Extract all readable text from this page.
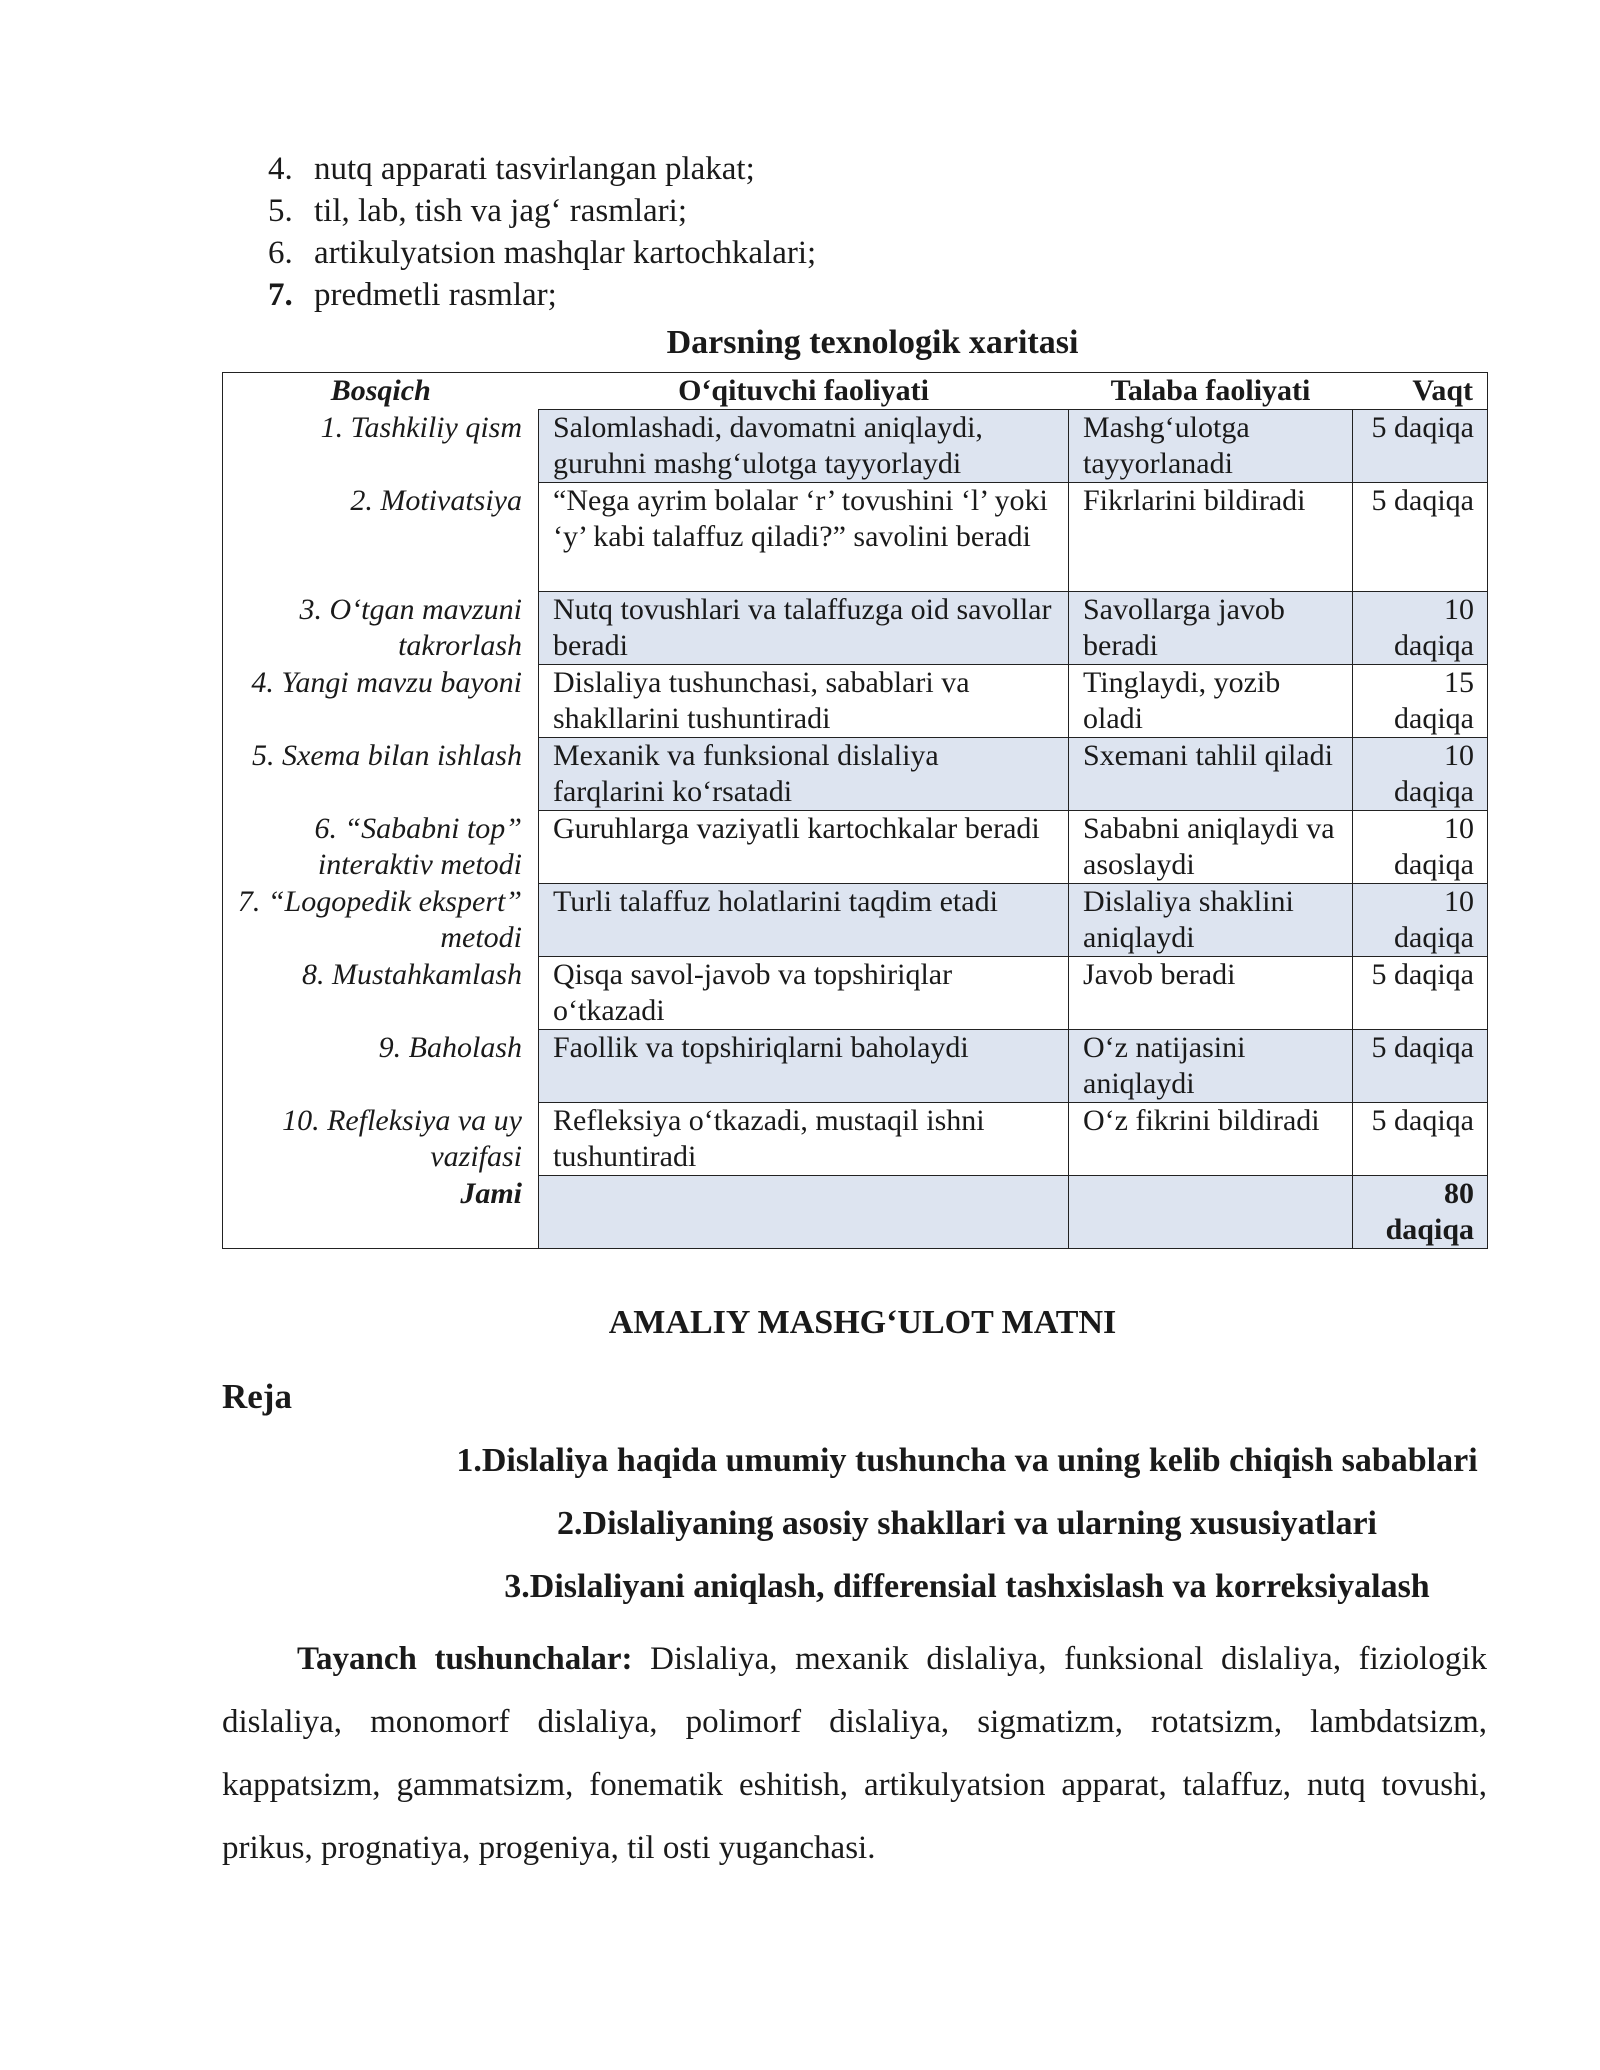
4. nutq apparati tasvirlangan plakat;
5. til, lab, tish va jag‘ rasmlari;
6. artikulyatsion mashqlar kartochkalari;
7. predmetli rasmlar;
Darsning texnologik xaritasi
Bosqich	O‘qituvchi faoliyati	Talaba faoliyati	Vaqt
1. Tashkiliy qism	Salomlashadi, davomatni aniqlaydi, guruhni mashg‘ulotga tayyorlaydi	Mashg‘ulotga tayyorlanadi	5 daqiqa
2. Motivatsiya	“Nega ayrim bolalar ‘r’ tovushini ‘l’ yoki ‘y’ kabi talaffuz qiladi?” savolini beradi	Fikrlarini bildiradi	5 daqiqa
3. O‘tgan mavzuni takrorlash	Nutq tovushlari va talaffuzga oid savollar beradi	Savollarga javob beradi	10 daqiqa
4. Yangi mavzu bayoni	Dislaliya tushunchasi, sabablari va shakllarini tushuntiradi	Tinglaydi, yozib oladi	15 daqiqa
5. Sxema bilan ishlash	Mexanik va funksional dislaliya farqlarini ko‘rsatadi	Sxemani tahlil qiladi	10 daqiqa
6. “Sababni top” interaktiv metodi	Guruhlarga vaziyatli kartochkalar beradi	Sababni aniqlaydi va asoslaydi	10 daqiqa
7. “Logopedik ekspert” metodi	Turli talaffuz holatlarini taqdim etadi	Dislaliya shaklini aniqlaydi	10 daqiqa
8. Mustahkamlash	Qisqa savol-javob va topshiriqlar o‘tkazadi	Javob beradi	5 daqiqa
9. Baholash	Faollik va topshiriqlarni baholaydi	O‘z natijasini aniqlaydi	5 daqiqa
10. Refleksiya va uy vazifasi	Refleksiya o‘tkazadi, mustaqil ishni tushuntiradi	O‘z fikrini bildiradi	5 daqiqa
Jami			80 daqiqa
AMALIY MASHG‘ULOT MATNI
Reja
1.Dislaliya haqida umumiy tushuncha va uning kelib chiqish sabablari
2.Dislaliyaning asosiy shakllari va ularning xususiyatlari
3.Dislaliyani aniqlash, differensial tashxislash va korreksiyalash

Tayanch tushunchalar: Dislaliya, mexanik dislaliya, funksional dislaliya, fiziologik dislaliya, monomorf dislaliya, polimorf dislaliya, sigmatizm, rotatsizm, lambdatsizm, kappatsizm, gammatsizm, fonematik eshitish, artikulyatsion apparat, talaffuz, nutq tovushi, prikus, prognatiya, progeniya, til osti yuganchasi.
